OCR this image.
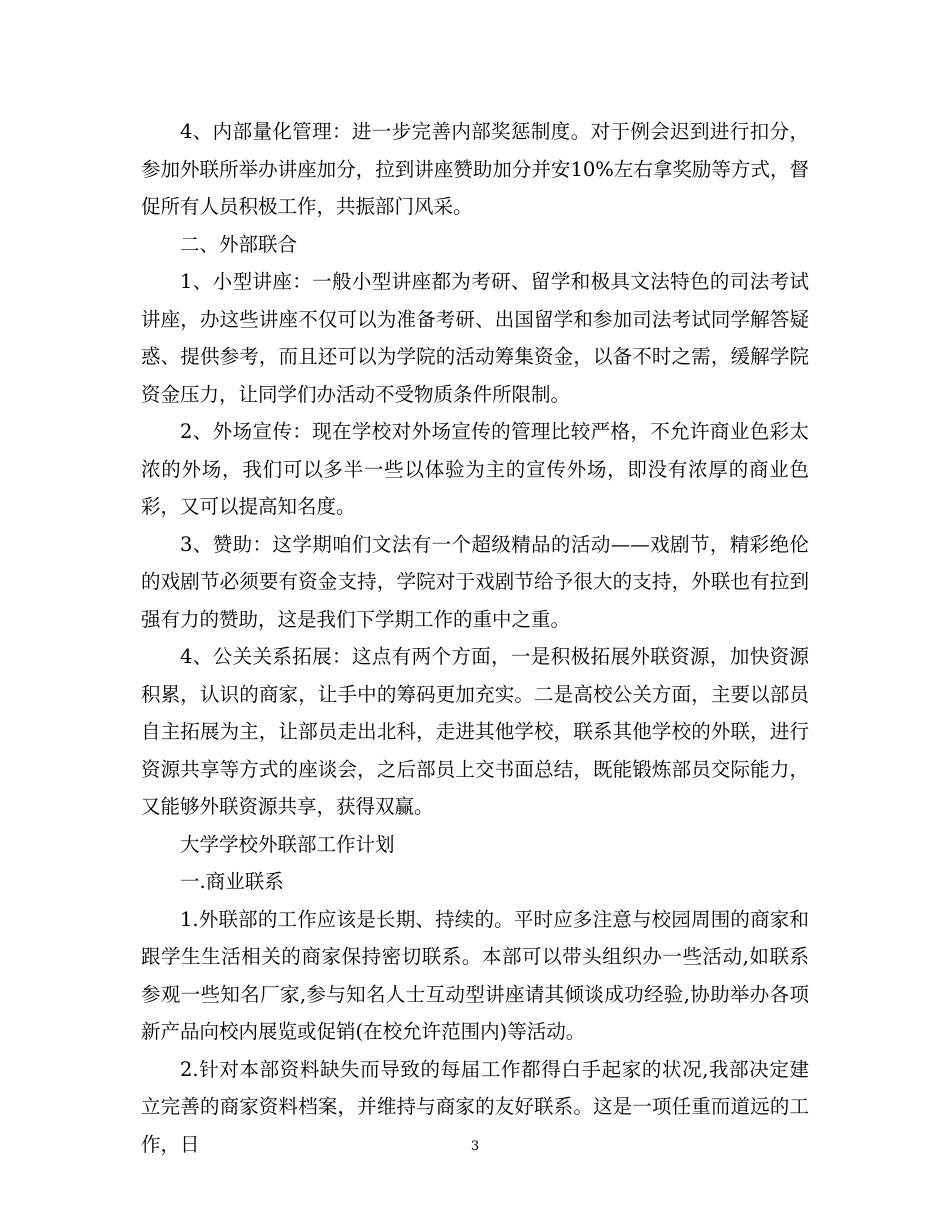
4、内部量化管理：进一步完善内部奖惩制度。对于例会迟到进行扣分，参加外联所举办讲座加分，拉到讲座赞助加分并安10%左右拿奖励等方式，督促所有人员积极工作，共振部门风采。

二、外部联合

1、小型讲座：一般小型讲座都为考研、留学和极具文法特色的司法考试讲座，办这些讲座不仅可以为准备考研、出国留学和参加司法考试同学解答疑惑、提供参考，而且还可以为学院的活动筹集资金，以备不时之需，缓解学院资金压力，让同学们办活动不受物质条件所限制。

2、外场宣传：现在学校对外场宣传的管理比较严格，不允许商业色彩太浓的外场，我们可以多半一些以体验为主的宣传外场，即没有浓厚的商业色彩，又可以提高知名度。

3、赞助：这学期咱们文法有一个超级精品的活动——戏剧节，精彩绝伦的戏剧节必须要有资金支持，学院对于戏剧节给予很大的支持，外联也有拉到强有力的赞助，这是我们下学期工作的重中之重。

4、公关关系拓展：这点有两个方面，一是积极拓展外联资源，加快资源积累，认识的商家，让手中的筹码更加充实。二是高校公关方面，主要以部员自主拓展为主，让部员走出北科，走进其他学校，联系其他学校的外联，进行资源共享等方式的座谈会，之后部员上交书面总结，既能锻炼部员交际能力，又能够外联资源共享，获得双赢。

大学学校外联部工作计划

一.商业联系

1.外联部的工作应该是长期、持续的。平时应多注意与校园周围的商家和跟学生生活相关的商家保持密切联系。本部可以带头组织办一些活动,如联系参观一些知名厂家,参与知名人士互动型讲座请其倾谈成功经验,协助举办各项新产品向校内展览或促销(在校允许范围内)等活动。

2.针对本部资料缺失而导致的每届工作都得白手起家的状况,我部决定建立完善的商家资料档案，并维持与商家的友好联系。这是一项任重而道远的工作，日	3
